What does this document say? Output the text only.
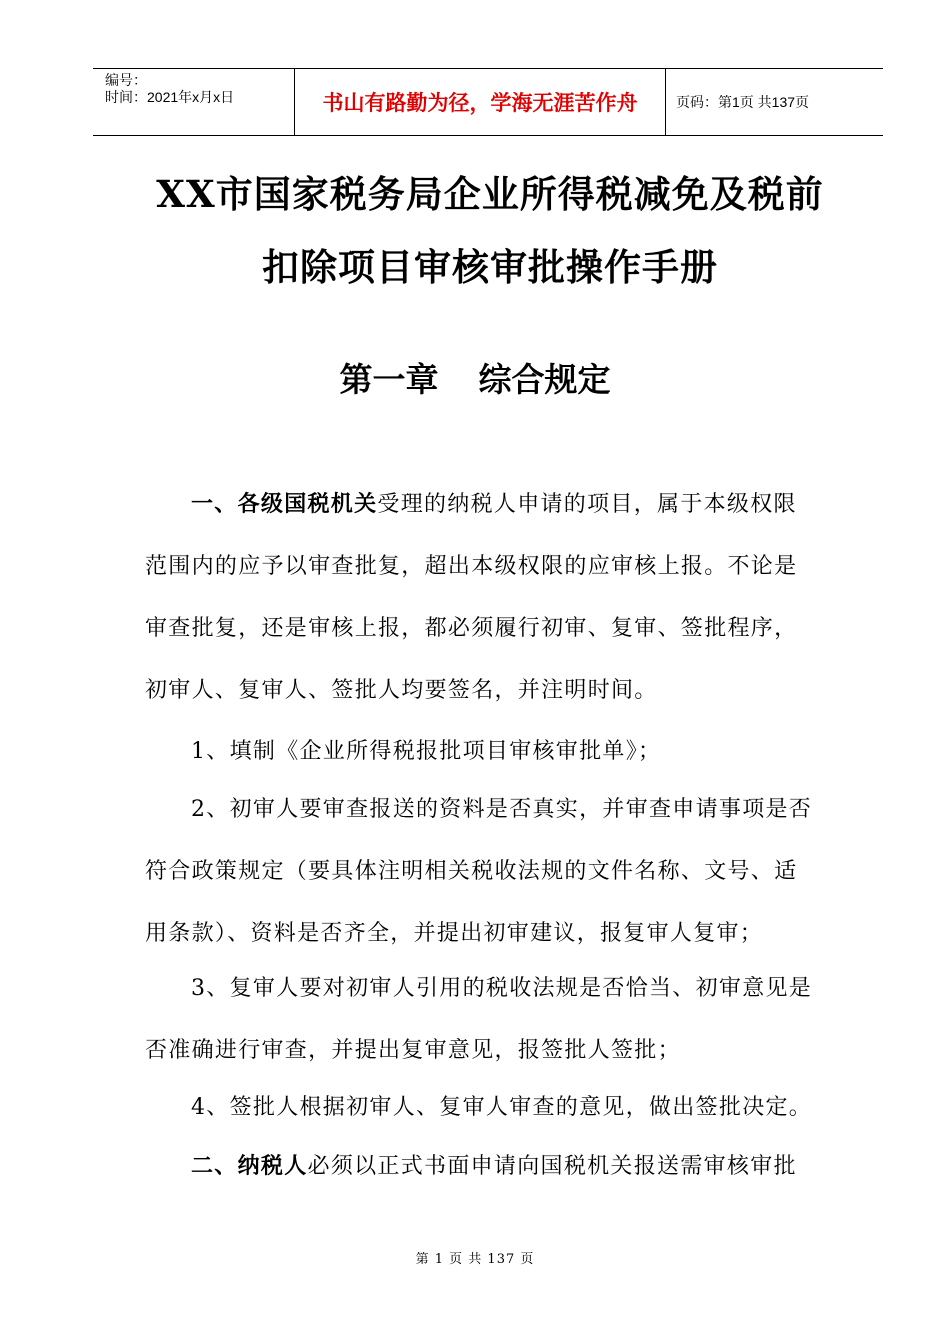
编号：
时间：2021年x月x日	书山有路勤为径，学海无涯苦作舟	页码：第1页 共137页
XX市国家税务局企业所得税减免及税前
扣除项目审核审批操作手册
第一章 综合规定
一、各级国税机关受理的纳税人申请的项目，属于本级权限
范围内的应予以审查批复，超出本级权限的应审核上报。不论是
审查批复，还是审核上报，都必须履行初审、复审、签批程序，
初审人、复审人、签批人均要签名，并注明时间。
1、填制《企业所得税报批项目审核审批单》；
2、初审人要审查报送的资料是否真实，并审查申请事项是否
符合政策规定（要具体注明相关税收法规的文件名称、文号、适
用条款）、资料是否齐全，并提出初审建议，报复审人复审；
3、复审人要对初审人引用的税收法规是否恰当、初审意见是
否准确进行审查，并提出复审意见，报签批人签批；
4、签批人根据初审人、复审人审查的意见，做出签批决定。
二、纳税人必须以正式书面申请向国税机关报送需审核审批
第 1 页 共 137 页
